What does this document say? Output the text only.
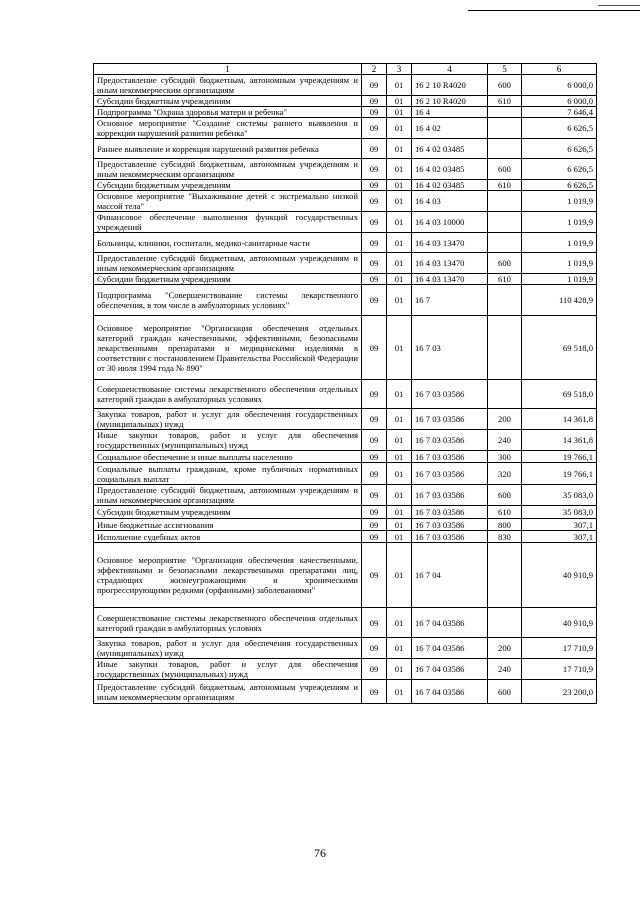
1	2	3	4	5	6
Предоставление субсидий бюджетным, автономным учреждениям и иным некоммерческим организациям	09	01	16 2 10 R4020	600	6 000,0
Субсидии бюджетным учреждениям	09	01	16 2 10 R4020	610	6 000,0
Подпрограмма "Охрана здоровья матери и ребенка"	09	01	16 4		7 646,4
Основное мероприятие "Создание системы раннего выявления и коррекции нарушений развития ребенка"	09	01	16 4 02		6 626,5
Раннее выявление и коррекция нарушений развития ребенка	09	01	16 4 02 03485		6 626,5
Предоставление субсидий бюджетным, автономным учреждениям и иным некоммерческим организациям	09	01	16 4 02 03485	600	6 626,5
Субсидии бюджетным учреждениям	09	01	16 4 02 03485	610	6 626,5
Основное мероприятие "Выхаживание детей с экстремально низкой массой тела"	09	01	16 4 03		1 019,9
Финансовое обеспечение выполнения функций государственных учреждений	09	01	16 4 03 10000		1 019,9
Больницы, клиники, госпитали, медико-санитарные части	09	01	16 4 03 13470		1 019,9
Предоставление субсидий бюджетным, автономным учреждениям и иным некоммерческим организациям	09	01	16 4 03 13470	600	1 019,9
Субсидии бюджетным учреждениям	09	01	16 4 03 13470	610	1 019,9
Подпрограмма "Совершенствование системы лекарственного обеспечения, в том числе в амбулаторных условиях"	09	01	16 7		110 428,9
Основное мероприятие "Организация обеспечения отдельных категорий граждан качественными, эффективными, безопасными лекарственными препаратами и медицинскими изделиями в соответствии с постановлением Правительства Российской Федерации от 30 июля 1994 года № 890"	09	01	16 7 03		69 518,0
Совершенствование системы лекарственного обеспечения отдельных категорий граждан в амбулаторных условиях	09	01	16 7 03 03586		69 518,0
Закупка товаров, работ и услуг для обеспечения государственных (муниципальных) нужд	09	01	16 7 03 03586	200	14 361,8
Иные закупки товаров, работ и услуг для обеспечения государственных (муниципальных) нужд	09	01	16 7 03 03586	240	14 361,8
Социальное обеспечение и иные выплаты населению	09	01	16 7 03 03586	300	19 766,1
Социальные выплаты гражданам, кроме публичных нормативных социальных выплат	09	01	16 7 03 03586	320	19 766,1
Предоставление субсидий бюджетным, автономным учреждениям и иным некоммерческим организациям	09	01	16 7 03 03586	600	35 083,0
Субсидии бюджетным учреждениям	09	01	16 7 03 03586	610	35 083,0
Иные бюджетные ассигнования	09	01	16 7 03 03586	800	307,1
Исполнение судебных актов	09	01	16 7 03 03586	830	307,1
Основное мероприятие "Организация обеспечения качественными, эффективными и безопасными лекарственными препаратами лиц, страдающих жизнеугрожающими и хроническими прогрессирующими редкими (орфанными) заболеваниями"	09	01	16 7 04		40 910,9
Совершенствование системы лекарственного обеспечения отдельных категорий граждан в амбулаторных условиях	09	01	16 7 04 03586		40 910,9
Закупка товаров, работ и услуг для обеспечения государственных (муниципальных) нужд	09	01	16 7 04 03586	200	17 710,9
Иные закупки товаров, работ и услуг для обеспечения государственных (муниципальных) нужд	09	01	16 7 04 03586	240	17 710,9
Предоставление субсидий бюджетным, автономным учреждениям и иным некоммерческим организациям	09	01	16 7 04 03586	600	23 200,0
76
